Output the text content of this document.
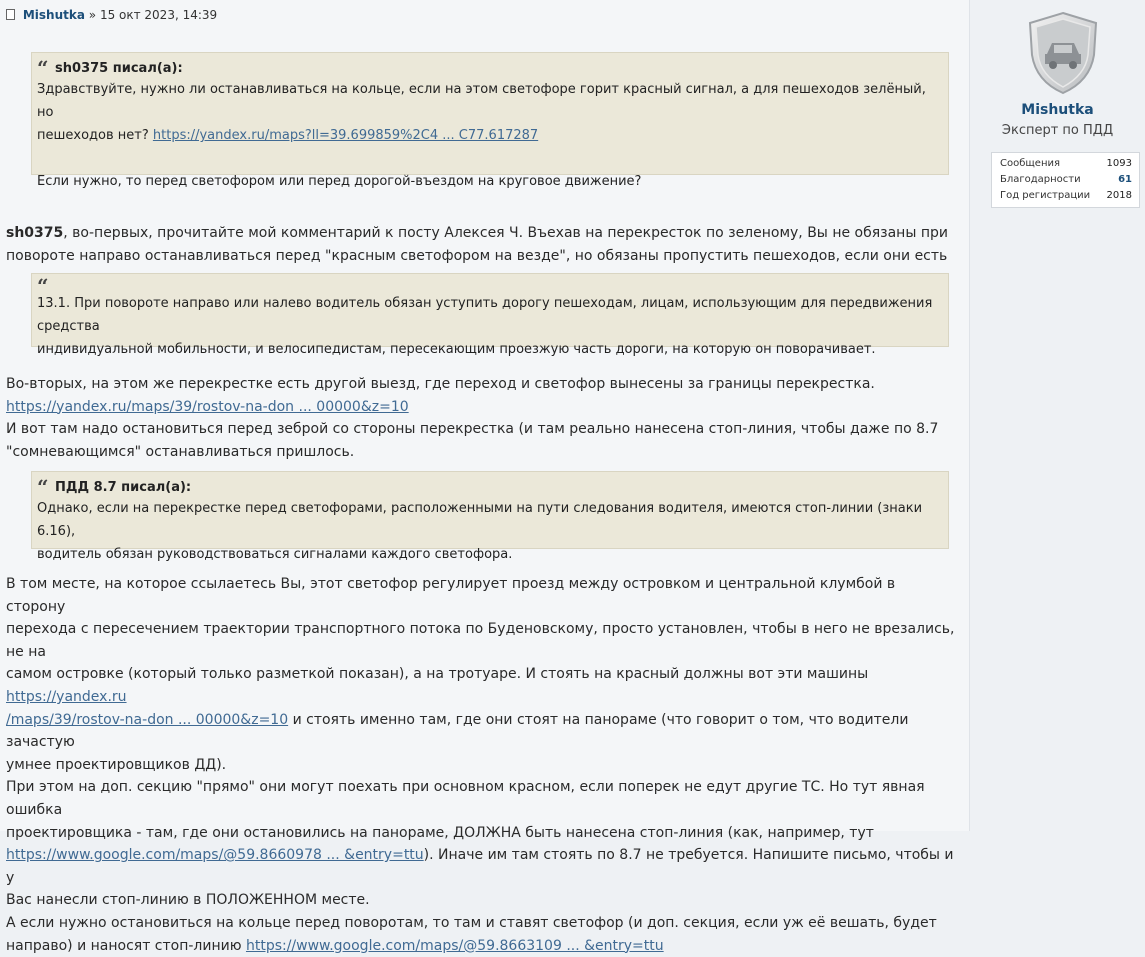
Mishutka » 15 окт 2023, 14:39
“ sh0375 писал(а):
Здравствуйте, нужно ли останавливаться на кольце, если на этом светофоре горит красный сигнал, а для пешеходов зелёный, но
пешеходов нет? https://yandex.ru/maps?ll=39.699859%2C4 ... C77.617287
Если нужно, то перед светофором или перед дорогой-въездом на круговое движение?
sh0375, во-первых, прочитайте мой комментарий к посту Алексея Ч. Въехав на перекресток по зеленому, Вы не обязаны при
повороте направо останавливаться перед "красным светофором на везде", но обязаны пропустить пешеходов, если они есть
“
13.1. При повороте направо или налево водитель обязан уступить дорогу пешеходам, лицам, использующим для передвижения средства
индивидуальной мобильности, и велосипедистам, пересекающим проезжую часть дороги, на которую он поворачивает.
Во-вторых, на этом же перекрестке есть другой выезд, где переход и светофор вынесены за границы перекрестка.
https://yandex.ru/maps/39/rostov-na-don ... 00000&z=10
И вот там надо остановиться перед зеброй со стороны перекрестка (и там реально нанесена стоп-линия, чтобы даже по 8.7
"сомневающимся" останавливаться пришлось.
“ ПДД 8.7 писал(а):
Однако, если на перекрестке перед светофорами, расположенными на пути следования водителя, имеются стоп-линии (знаки 6.16),
водитель обязан руководствоваться сигналами каждого светофора.
В том месте, на которое ссылаетесь Вы, этот светофор регулирует проезд между островком и центральной клумбой в сторону
перехода с пересечением траектории транспортного потока по Буденовскому, просто установлен, чтобы в него не врезались, не на
самом островке (который только разметкой показан), а на тротуаре. И стоять на красный должны вот эти машины https://yandex.ru
/maps/39/rostov-na-don ... 00000&z=10 и стоять именно там, где они стоят на панораме (что говорит о том, что водители зачастую
умнее проектировщиков ДД).
При этом на доп. секцию "прямо" они могут поехать при основном красном, если поперек не едут другие ТС. Но тут явная ошибка
проектировщика - там, где они остановились на панораме, ДОЛЖНА быть нанесена стоп-линия (как, например, тут
https://www.google.com/maps/@59.8660978 ... &entry=ttu). Иначе им там стоять по 8.7 не требуется. Напишите письмо, чтобы и у
Вас нанесли стоп-линию в ПОЛОЖЕННОМ месте.
А если нужно остановиться на кольце перед поворотам, то там и ставят светофор (и доп. секция, если уж её вешать, будет
направо) и наносят стоп-линию https://www.google.com/maps/@59.8663109 ... &entry=ttu
Mishutka
Эксперт по ПДД
Сообщения	1093
Благодарности	61
Год регистрации 2018
